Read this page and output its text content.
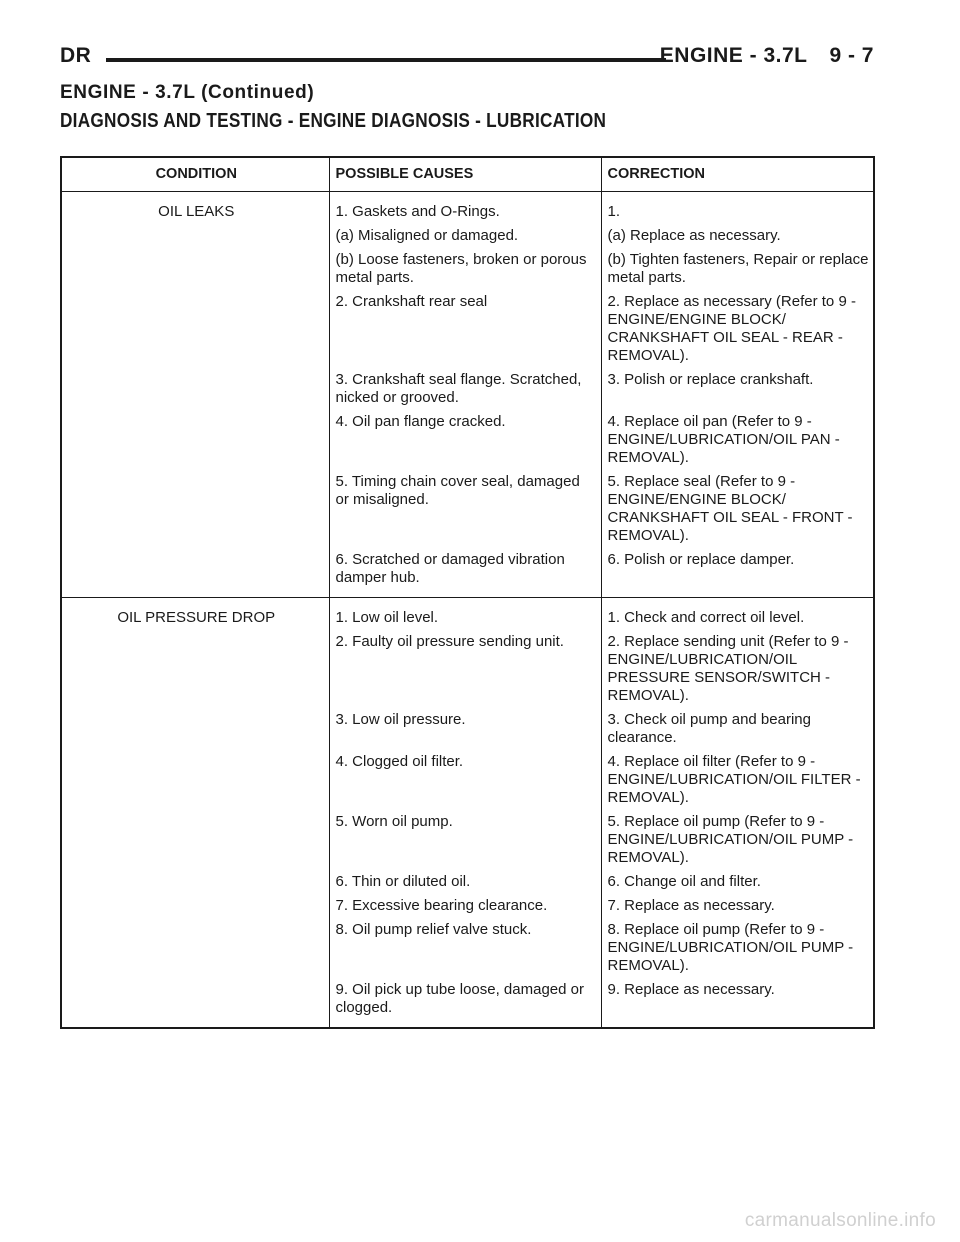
DR	ENGINE - 3.7L 9 - 7
ENGINE - 3.7L (Continued)
DIAGNOSIS AND TESTING - ENGINE DIAGNOSIS - LUBRICATION
CONDITION	POSSIBLE CAUSES	CORRECTION
OIL LEAKS	1. Gaskets and O-Rings.	1.
	(a) Misaligned or damaged.	(a) Replace as necessary.
	(b) Loose fasteners, broken or porous metal parts.	(b) Tighten fasteners, Repair or replace metal parts.
	2. Crankshaft rear seal	2. Replace as necessary (Refer to 9 - ENGINE/ENGINE BLOCK/ CRANKSHAFT OIL SEAL - REAR - REMOVAL).
	3. Crankshaft seal flange. Scratched, nicked or grooved.	3. Polish or replace crankshaft.
	4. Oil pan flange cracked.	4. Replace oil pan (Refer to 9 - ENGINE/LUBRICATION/OIL PAN - REMOVAL).
	5. Timing chain cover seal, damaged or misaligned.	5. Replace seal (Refer to 9 - ENGINE/ENGINE BLOCK/ CRANKSHAFT OIL SEAL - FRONT - REMOVAL).
	6. Scratched or damaged vibration damper hub.	6. Polish or replace damper.
OIL PRESSURE DROP	1. Low oil level.	1. Check and correct oil level.
	2. Faulty oil pressure sending unit.	2. Replace sending unit (Refer to 9 - ENGINE/LUBRICATION/OIL PRESSURE SENSOR/SWITCH - REMOVAL).
	3. Low oil pressure.	3. Check oil pump and bearing clearance.
	4. Clogged oil filter.	4. Replace oil filter (Refer to 9 - ENGINE/LUBRICATION/OIL FILTER - REMOVAL).
	5. Worn oil pump.	5. Replace oil pump (Refer to 9 - ENGINE/LUBRICATION/OIL PUMP - REMOVAL).
	6. Thin or diluted oil.	6. Change oil and filter.
	7. Excessive bearing clearance.	7. Replace as necessary.
	8. Oil pump relief valve stuck.	8. Replace oil pump (Refer to 9 - ENGINE/LUBRICATION/OIL PUMP - REMOVAL).
	9. Oil pick up tube loose, damaged or clogged.	9. Replace as necessary.
carmanualsonline.info
